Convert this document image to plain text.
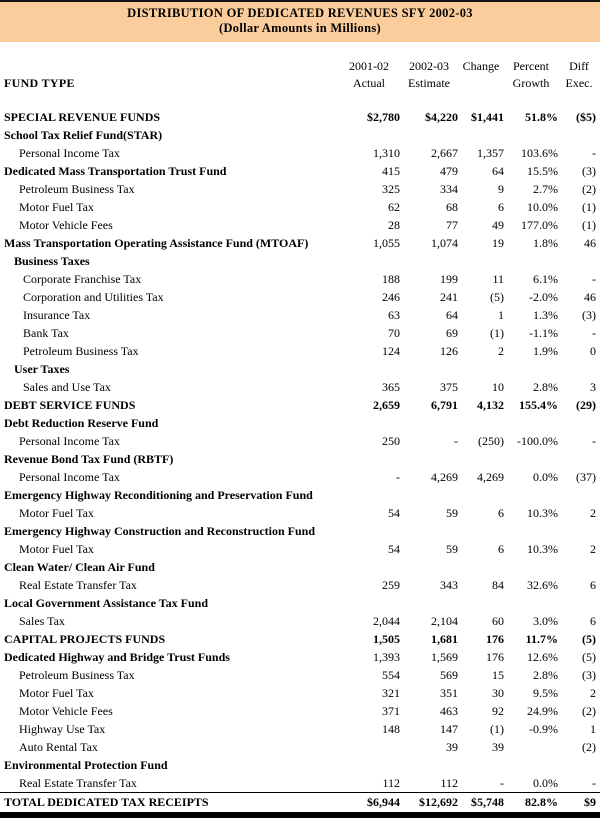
DISTRIBUTION OF DEDICATED REVENUES SFY 2002-03
(Dollar Amounts in Millions)
	2001-02	2002-03	Change	Percent	Diff
FUND TYPE	Actual	Estimate		Growth	Exec.

SPECIAL REVENUE FUNDS	$2,780	$4,220	$1,441	51.8%	($5)
School Tax Relief Fund(STAR)					
Personal Income Tax	1,310	2,667	1,357	103.6%	-
Dedicated Mass Transportation Trust Fund	415	479	64	15.5%	(3)
Petroleum Business Tax	325	334	9	2.7%	(2)
Motor Fuel Tax	62	68	6	10.0%	(1)
Motor Vehicle Fees	28	77	49	177.0%	(1)
Mass Transportation Operating Assistance Fund (MTOAF)	1,055	1,074	19	1.8%	46
Business Taxes					
Corporate Franchise Tax	188	199	11	6.1%	-
Corporation and Utilities Tax	246	241	(5)	-2.0%	46
Insurance Tax	63	64	1	1.3%	(3)
Bank Tax	70	69	(1)	-1.1%	-
Petroleum Business Tax	124	126	2	1.9%	0
User Taxes					
Sales and Use Tax	365	375	10	2.8%	3
DEBT SERVICE FUNDS	2,659	6,791	4,132	155.4%	(29)
Debt Reduction Reserve Fund					
Personal Income Tax	250	-	(250)	-100.0%	-
Revenue Bond Tax Fund (RBTF)					
Personal Income Tax	-	4,269	4,269	0.0%	(37)
Emergency Highway Reconditioning and Preservation Fund					
Motor Fuel Tax	54	59	6	10.3%	2
Emergency Highway Construction and Reconstruction Fund					
Motor Fuel Tax	54	59	6	10.3%	2
Clean Water/ Clean Air Fund					
Real Estate Transfer Tax	259	343	84	32.6%	6
Local Government Assistance Tax Fund					
Sales Tax	2,044	2,104	60	3.0%	6
CAPITAL PROJECTS FUNDS	1,505	1,681	176	11.7%	(5)
Dedicated Highway and Bridge Trust Funds	1,393	1,569	176	12.6%	(5)
Petroleum Business Tax	554	569	15	2.8%	(3)
Motor Fuel Tax	321	351	30	9.5%	2
Motor Vehicle Fees	371	463	92	24.9%	(2)
Highway Use Tax	148	147	(1)	-0.9%	1
Auto Rental Tax		39	39		(2)
Environmental Protection Fund					
Real Estate Transfer Tax	112	112	-	0.0%	-
TOTAL DEDICATED TAX RECEIPTS	$6,944	$12,692	$5,748	82.8%	$9
